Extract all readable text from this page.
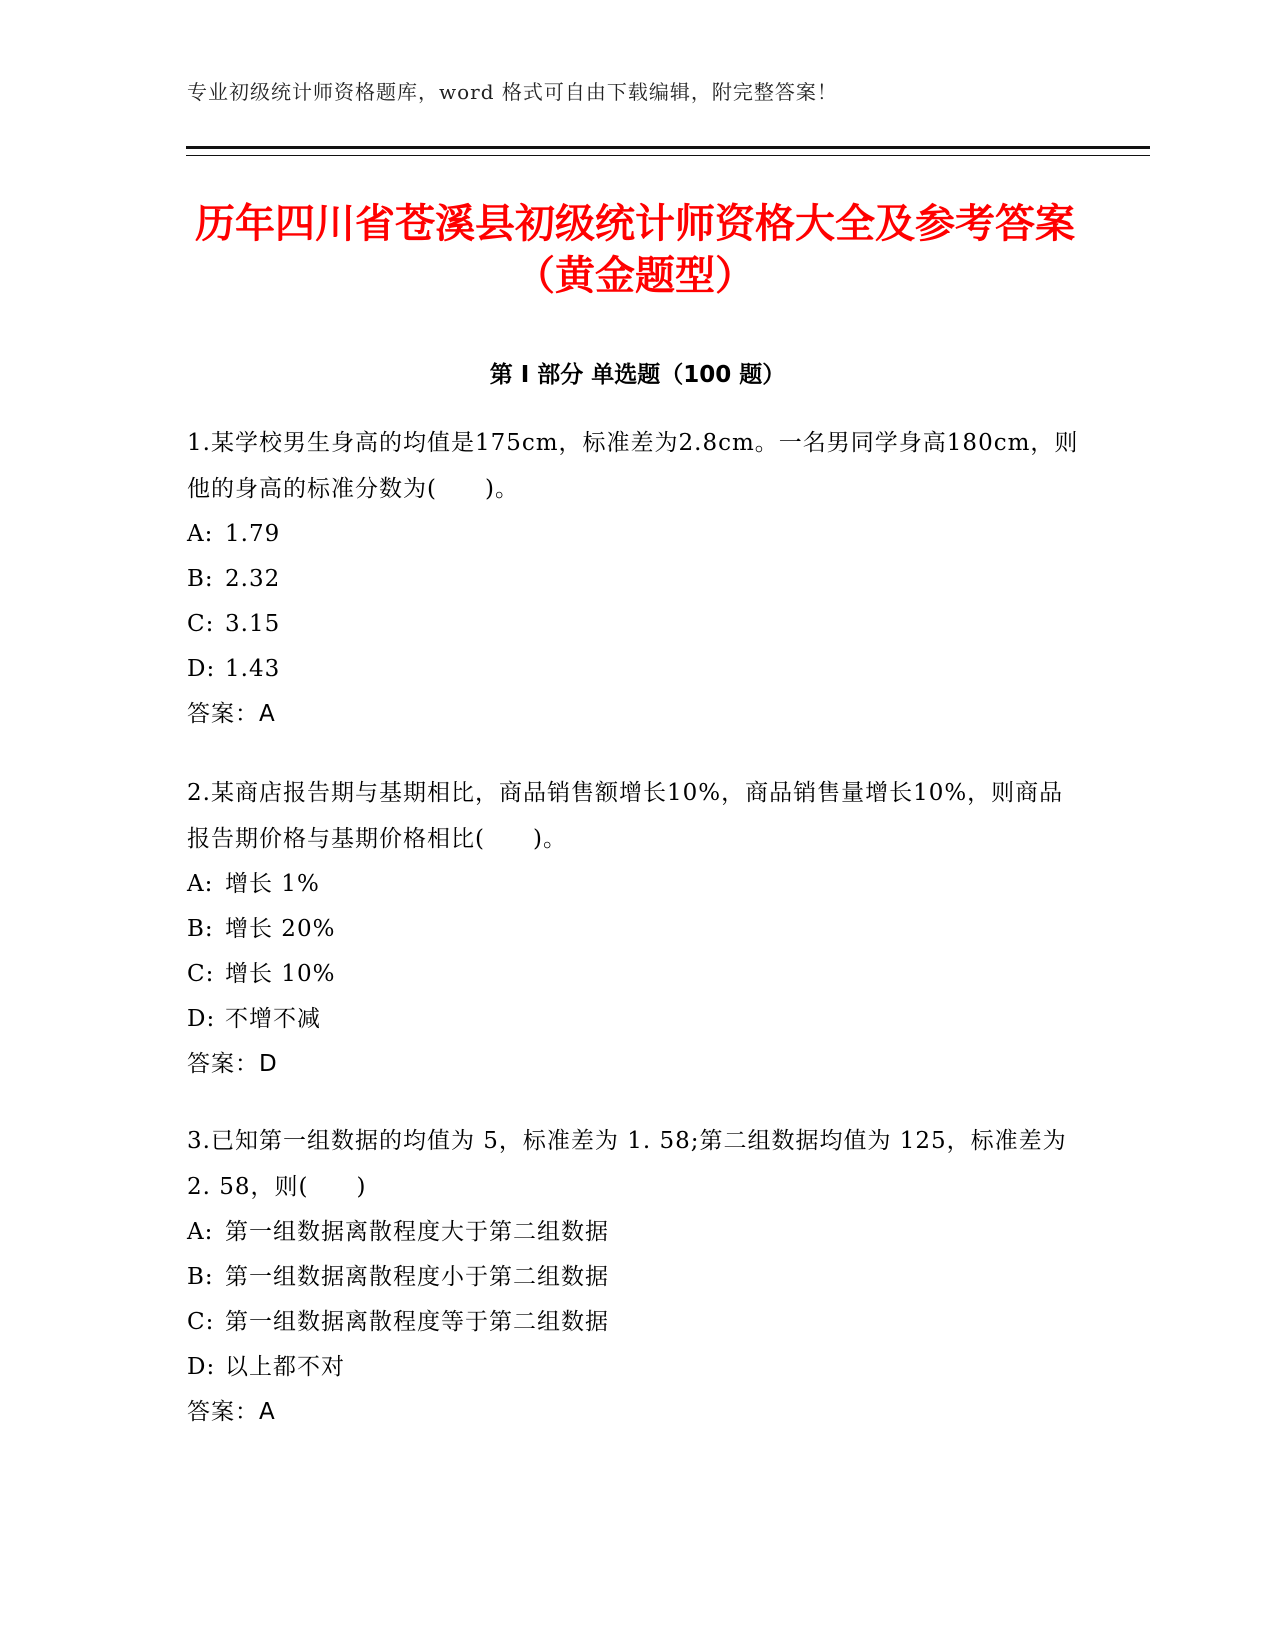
专业初级统计师资格题库，word 格式可自由下载编辑，附完整答案！
历年四川省苍溪县初级统计师资格大全及参考答案（黄金题型）
第 I 部分 单选题（100 题）

1.某学校男生身高的均值是175cm，标准差为2.8cm。一名男同学身高180cm，则他的身高的标准分数为(　　)。

A: 1.79

B: 2.32

C: 3.15

D: 1.43

答案：A

2.某商店报告期与基期相比，商品销售额增长10%，商品销售量增长10%，则商品报告期价格与基期价格相比(　　)。

A: 增长 1%

B: 增长 20%

C: 增长 10%

D: 不增不减

答案：D

3.已知第一组数据的均值为 5，标准差为 1. 58;第二组数据均值为 125，标准差为 2. 58，则(　　)

A: 第一组数据离散程度大于第二组数据

B: 第一组数据离散程度小于第二组数据

C: 第一组数据离散程度等于第二组数据

D: 以上都不对

答案：A
